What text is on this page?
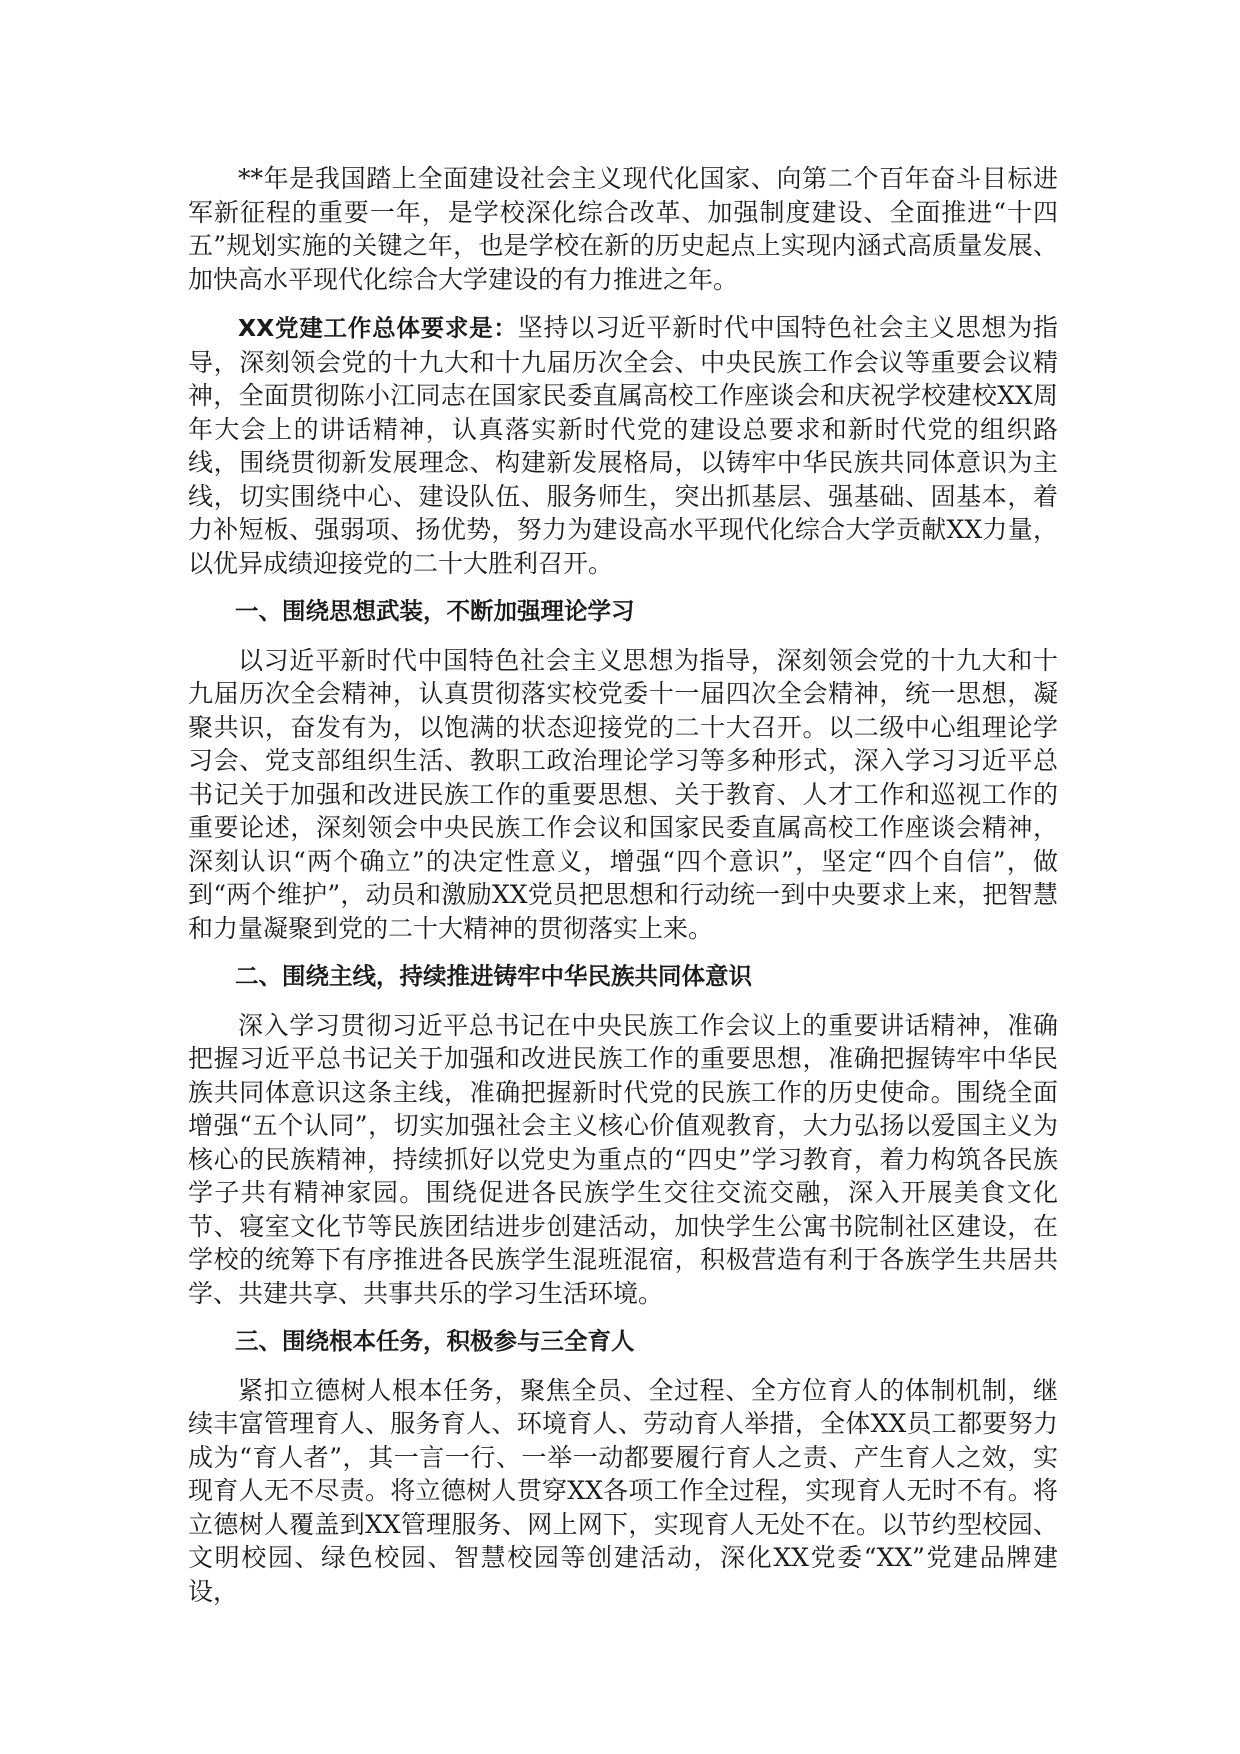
**年是我国踏上全面建设社会主义现代化国家、向第二个百年奋斗目标进军新征程的重要一年，是学校深化综合改革、加强制度建设、全面推进“十四五”规划实施的关键之年，也是学校在新的历史起点上实现内涵式高质量发展、加快高水平现代化综合大学建设的有力推进之年。

XX党建工作总体要求是：坚持以习近平新时代中国特色社会主义思想为指导，深刻领会党的十九大和十九届历次全会、中央民族工作会议等重要会议精神，全面贯彻陈小江同志在国家民委直属高校工作座谈会和庆祝学校建校XX周年大会上的讲话精神，认真落实新时代党的建设总要求和新时代党的组织路线，围绕贯彻新发展理念、构建新发展格局，以铸牢中华民族共同体意识为主线，切实围绕中心、建设队伍、服务师生，突出抓基层、强基础、固基本，着力补短板、强弱项、扬优势，努力为建设高水平现代化综合大学贡献XX力量，以优异成绩迎接党的二十大胜利召开。

一、围绕思想武装，不断加强理论学习

以习近平新时代中国特色社会主义思想为指导，深刻领会党的十九大和十九届历次全会精神，认真贯彻落实校党委十一届四次全会精神，统一思想，凝聚共识，奋发有为，以饱满的状态迎接党的二十大召开。以二级中心组理论学习会、党支部组织生活、教职工政治理论学习等多种形式，深入学习习近平总书记关于加强和改进民族工作的重要思想、关于教育、人才工作和巡视工作的重要论述，深刻领会中央民族工作会议和国家民委直属高校工作座谈会精神，深刻认识“两个确立”的决定性意义，增强“四个意识”，坚定“四个自信”，做到“两个维护”，动员和激励XX党员把思想和行动统一到中央要求上来，把智慧和力量凝聚到党的二十大精神的贯彻落实上来。

二、围绕主线，持续推进铸牢中华民族共同体意识

深入学习贯彻习近平总书记在中央民族工作会议上的重要讲话精神，准确把握习近平总书记关于加强和改进民族工作的重要思想，准确把握铸牢中华民族共同体意识这条主线，准确把握新时代党的民族工作的历史使命。围绕全面增强“五个认同”，切实加强社会主义核心价值观教育，大力弘扬以爱国主义为核心的民族精神，持续抓好以党史为重点的“四史”学习教育，着力构筑各民族学子共有精神家园。围绕促进各民族学生交往交流交融，深入开展美食文化节、寝室文化节等民族团结进步创建活动，加快学生公寓书院制社区建设，在学校的统筹下有序推进各民族学生混班混宿，积极营造有利于各族学生共居共学、共建共享、共事共乐的学习生活环境。

三、围绕根本任务，积极参与三全育人

紧扣立德树人根本任务，聚焦全员、全过程、全方位育人的体制机制，继续丰富管理育人、服务育人、环境育人、劳动育人举措，全体XX员工都要努力成为“育人者”，其一言一行、一举一动都要履行育人之责、产生育人之效，实现育人无不尽责。将立德树人贯穿XX各项工作全过程，实现育人无时不有。将立德树人覆盖到XX管理服务、网上网下，实现育人无处不在。以节约型校园、文明校园、绿色校园、智慧校园等创建活动，深化XX党委“XX”党建品牌建设，
